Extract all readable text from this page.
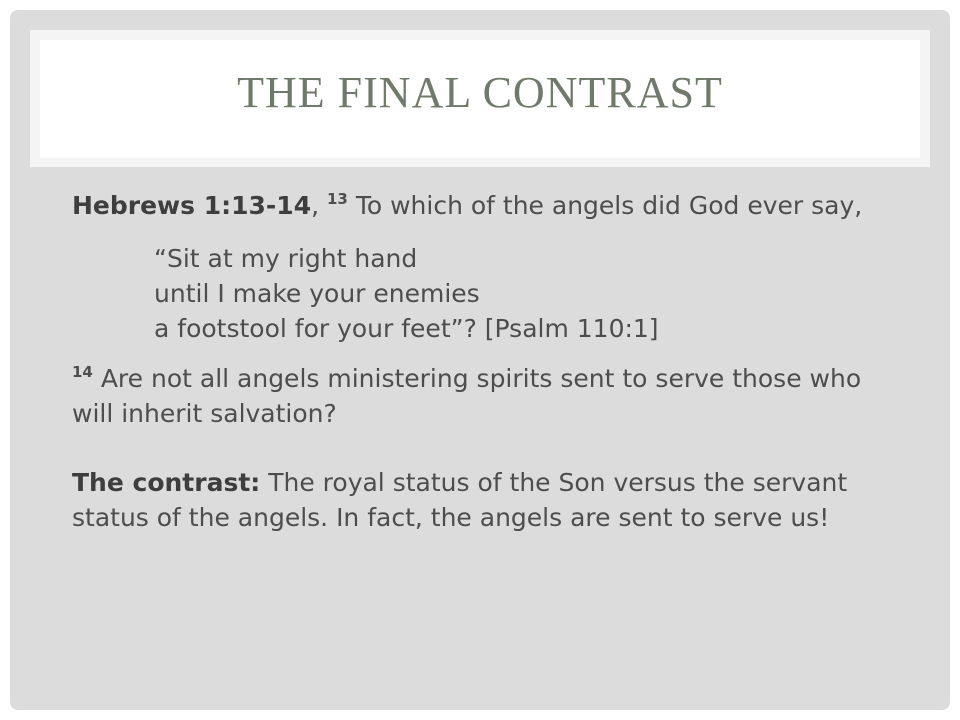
THE FINAL CONTRAST

Hebrews 1:13-14, $^{13}$ To which of the angels did God ever say,

“Sit at my right hand
until I make your enemies
a footstool for your feet”? [Psalm 110:1]

$^{14}$ Are not all angels ministering spirits sent to serve those who will inherit salvation?

The contrast: The royal status of the Son versus the servant status of the angels. In fact, the angels are sent to serve us!
